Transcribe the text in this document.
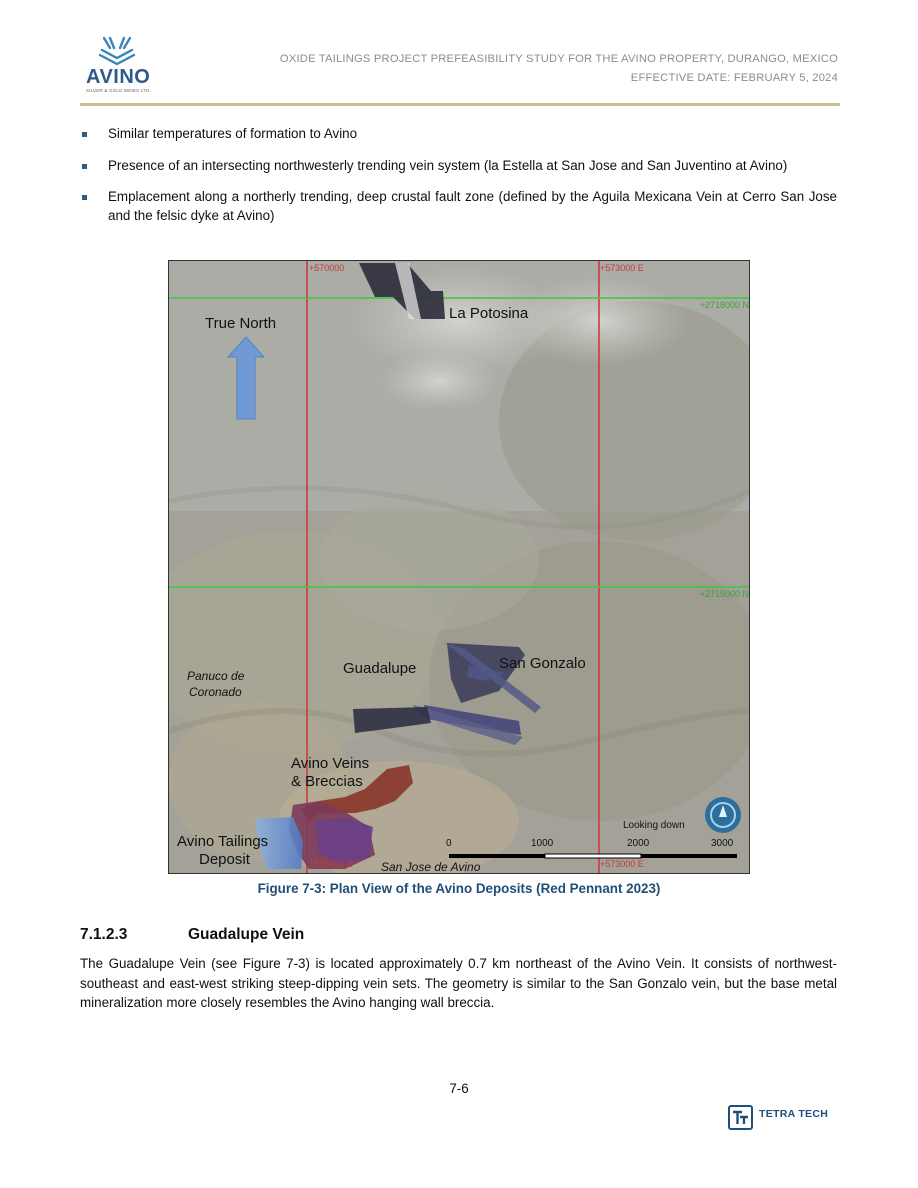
AVINO
SILVER & GOLD MINES LTD.
OXIDE TAILINGS PROJECT PREFEASIBILITY STUDY FOR THE AVINO PROPERTY, DURANGO, MEXICO
EFFECTIVE DATE: FEBRUARY 5, 2024
Similar temperatures of formation to Avino
Presence of an intersecting northwesterly trending vein system (la Estella at San Jose and San Juventino at Avino)
Emplacement along a northerly trending, deep crustal fault zone (defined by the Aguila Mexicana Vein at Cerro San Jose and the felsic dyke at Avino)
+570000	+573000 E
+2718000 N
+2715000 N
+570000 E	+573000 E
True North
La Potosina
Guadalupe	San Gonzalo
Panuco de
Coronado
Avino Veins
& Breccias
Avino Tailings
Deposit	San Jose de Avino
Looking down
0	1000	2000	3000
Figure 7-3: Plan View of the Avino Deposits (Red Pennant 2023)
7.1.2.3	Guadalupe Vein

The Guadalupe Vein (see Figure 7-3) is located approximately 0.7 km northeast of the Avino Vein. It consists of northwest-southeast and east-west striking steep-dipping vein sets. The geometry is similar to the San Gonzalo vein, but the base metal mineralization more closely resembles the Avino hanging wall breccia.

7-6
TETRA TECH
